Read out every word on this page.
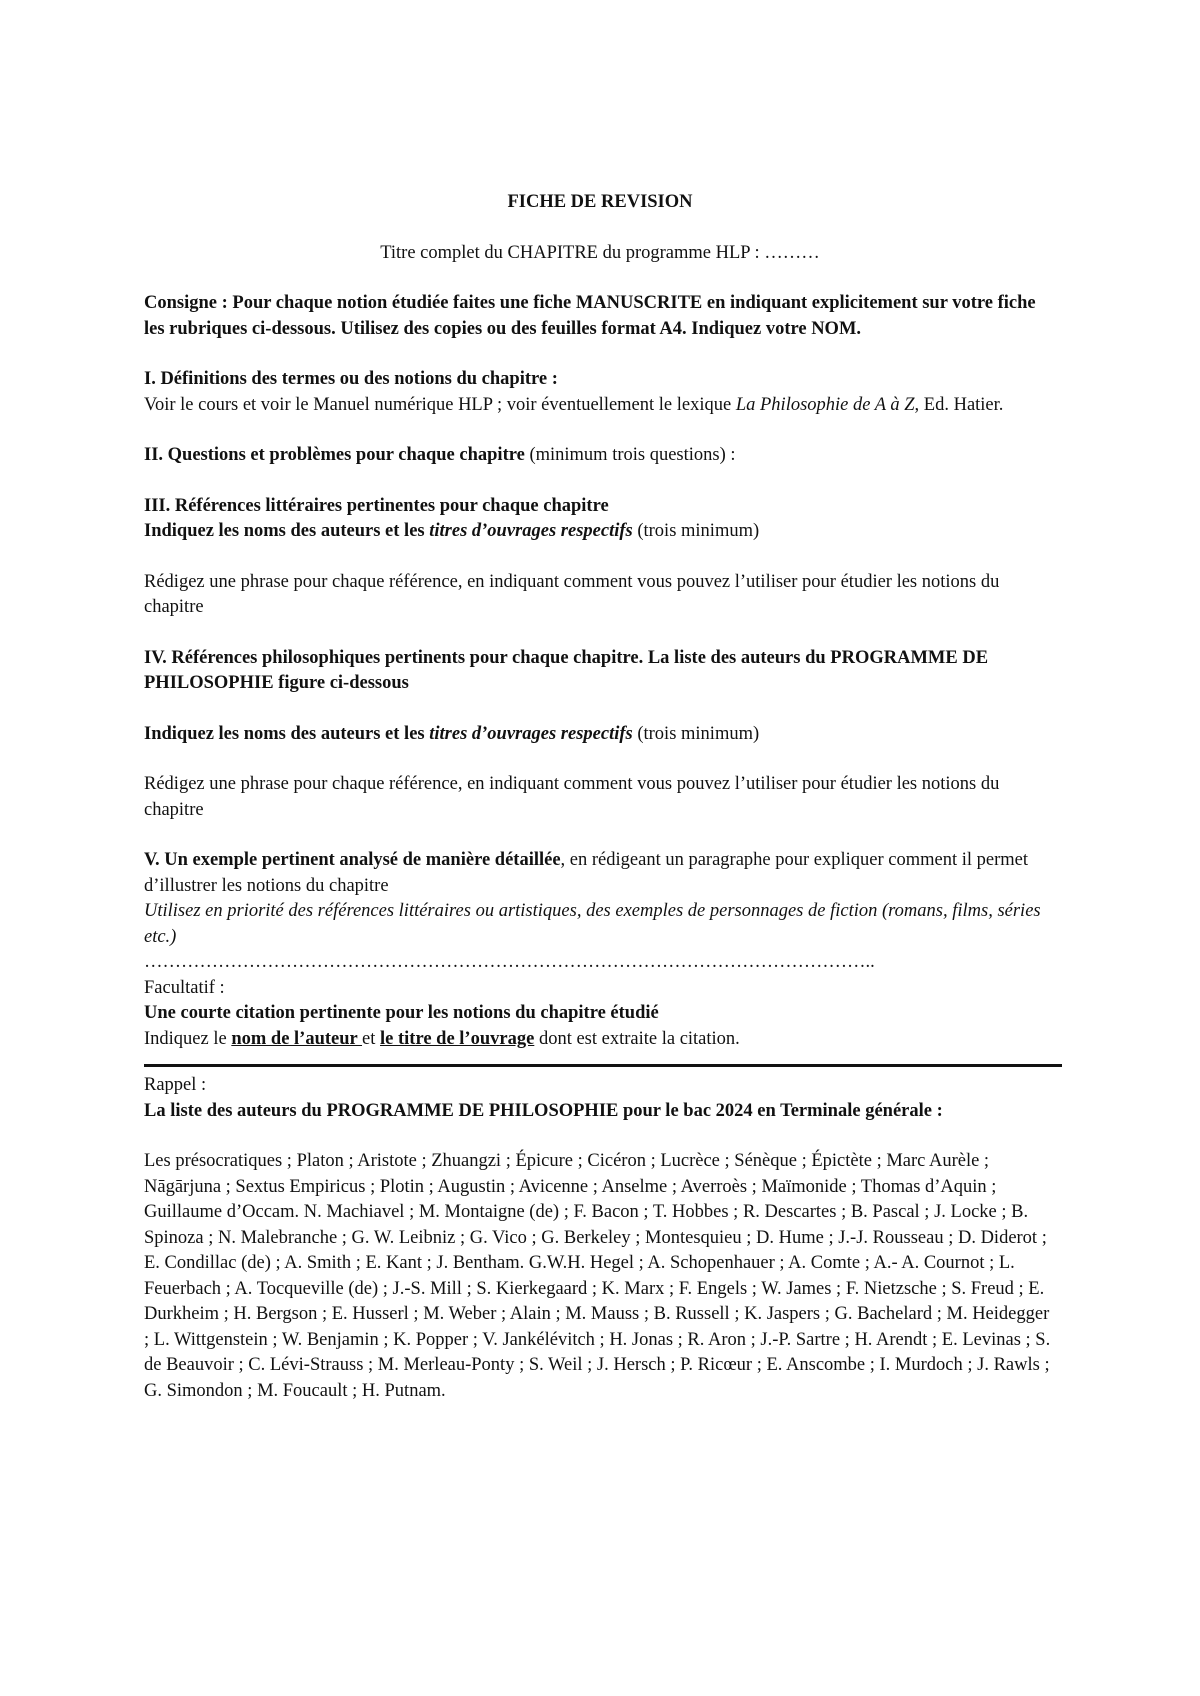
FICHE DE REVISION

Titre complet du CHAPITRE du programme HLP : ………

Consigne : Pour chaque notion étudiée faites une fiche MANUSCRITE en indiquant explicitement sur votre fiche les rubriques ci-dessous. Utilisez des copies ou des feuilles format A4. Indiquez votre NOM.

I. Définitions des termes ou des notions du chapitre :

Voir le cours et voir le Manuel numérique HLP ; voir éventuellement le lexique La Philosophie de A à Z, Ed. Hatier.

II. Questions et problèmes pour chaque chapitre (minimum trois questions) :

III. Références littéraires pertinentes pour chaque chapitre

Indiquez les noms des auteurs et les titres d’ouvrages respectifs (trois minimum)

Rédigez une phrase pour chaque référence, en indiquant comment vous pouvez l’utiliser pour étudier les notions du chapitre

IV. Références philosophiques pertinents pour chaque chapitre. La liste des auteurs du PROGRAMME DE PHILOSOPHIE figure ci-dessous

Indiquez les noms des auteurs et les titres d’ouvrages respectifs (trois minimum)

Rédigez une phrase pour chaque référence, en indiquant comment vous pouvez l’utiliser pour étudier les notions du chapitre

V. Un exemple pertinent analysé de manière détaillée, en rédigeant un paragraphe pour expliquer comment il permet d’illustrer les notions du chapitre

Utilisez en priorité des références littéraires ou artistiques, des exemples de personnages de fiction (romans, films, séries etc.)

………………………………………………………………………………………………………..

Facultatif :

Une courte citation pertinente pour les notions du chapitre étudié

Indiquez le nom de l’auteur et le titre de l’ouvrage dont est extraite la citation.

Rappel :

La liste des auteurs du PROGRAMME DE PHILOSOPHIE pour le bac 2024 en Terminale générale :

Les présocratiques ; Platon ; Aristote ; Zhuangzi ; Épicure ; Cicéron ; Lucrèce ; Sénèque ; Épictète ; Marc Aurèle ; Nāgārjuna ; Sextus Empiricus ; Plotin ; Augustin ; Avicenne ; Anselme ; Averroès ; Maïmonide ; Thomas d’Aquin ; Guillaume d’Occam. N. Machiavel ; M. Montaigne (de) ; F. Bacon ; T. Hobbes ; R. Descartes ; B. Pascal ; J. Locke ; B. Spinoza ; N. Malebranche ; G. W. Leibniz ; G. Vico ; G. Berkeley ; Montesquieu ; D. Hume ; J.-J. Rousseau ; D. Diderot ; E. Condillac (de) ; A. Smith ; E. Kant ; J. Bentham. G.W.H. Hegel ; A. Schopenhauer ; A. Comte ; A.- A. Cournot ; L. Feuerbach ; A. Tocqueville (de) ; J.-S. Mill ; S. Kierkegaard ; K. Marx ; F. Engels ; W. James ; F. Nietzsche ; S. Freud ; E. Durkheim ; H. Bergson ; E. Husserl ; M. Weber ; Alain ; M. Mauss ; B. Russell ; K. Jaspers ; G. Bachelard ; M. Heidegger ; L. Wittgenstein ; W. Benjamin ; K. Popper ; V. Jankélévitch ; H. Jonas ; R. Aron ; J.-P. Sartre ; H. Arendt ; E. Levinas ; S. de Beauvoir ; C. Lévi-Strauss ; M. Merleau-Ponty ; S. Weil ; J. Hersch ; P. Ricœur ; E. Anscombe ; I. Murdoch ; J. Rawls ; G. Simondon ; M. Foucault ; H. Putnam.
